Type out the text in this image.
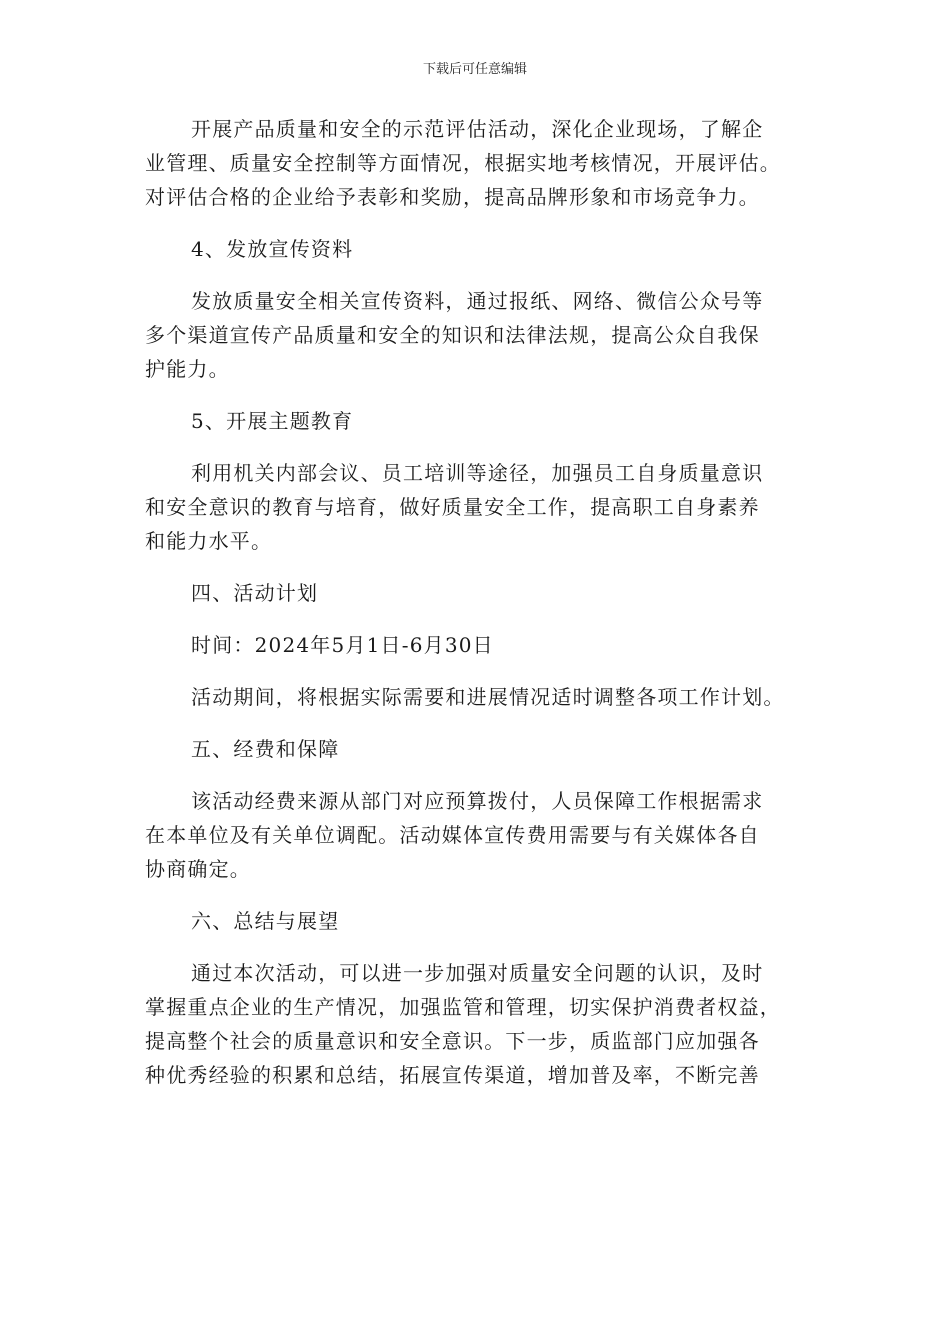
下载后可任意编辑
开展产品质量和安全的示范评估活动，深化企业现场，了解企
业管理、质量安全控制等方面情况，根据实地考核情况，开展评估。
对评估合格的企业给予表彰和奖励，提高品牌形象和市场竞争力。
4、发放宣传资料
发放质量安全相关宣传资料，通过报纸、网络、微信公众号等
多个渠道宣传产品质量和安全的知识和法律法规，提高公众自我保
护能力。
5、开展主题教育
利用机关内部会议、员工培训等途径，加强员工自身质量意识
和安全意识的教育与培育，做好质量安全工作，提高职工自身素养
和能力水平。
四、活动计划
时间：2024年5月1日-6月30日
活动期间，将根据实际需要和进展情况适时调整各项工作计划。
五、经费和保障
该活动经费来源从部门对应预算拨付，人员保障工作根据需求
在本单位及有关单位调配。活动媒体宣传费用需要与有关媒体各自
协商确定。
六、总结与展望
通过本次活动，可以进一步加强对质量安全问题的认识，及时
掌握重点企业的生产情况，加强监管和管理，切实保护消费者权益，
提高整个社会的质量意识和安全意识。下一步，质监部门应加强各
种优秀经验的积累和总结，拓展宣传渠道，增加普及率，不断完善
